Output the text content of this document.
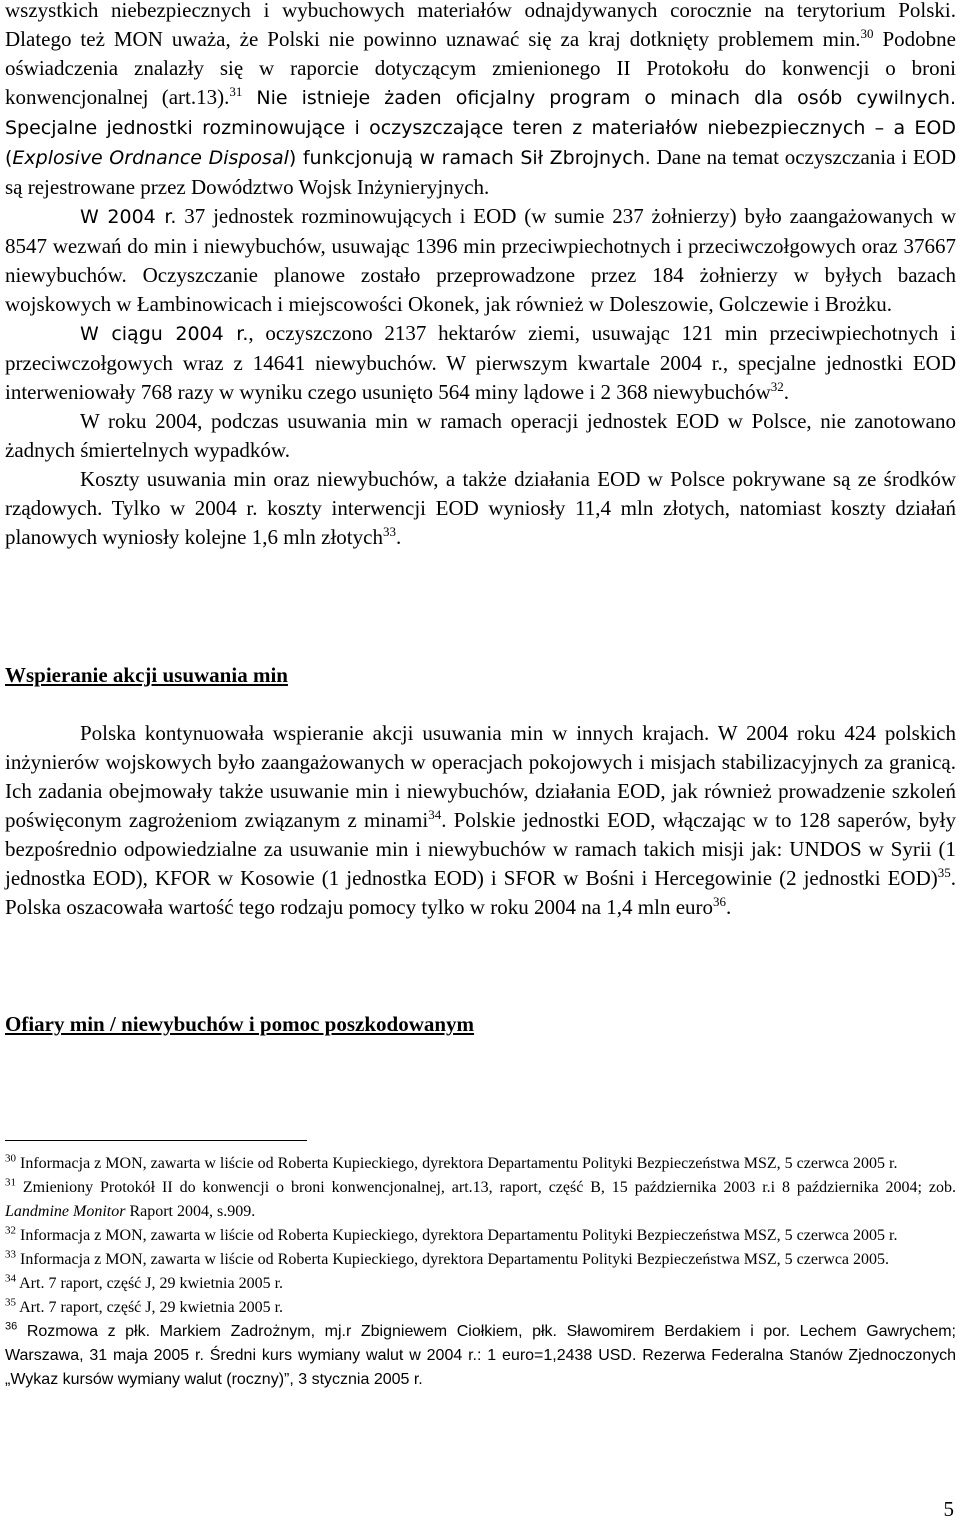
wszystkich niebezpiecznych i wybuchowych materiałów odnajdywanych corocznie na terytorium Polski. Dlatego też MON uważa, że Polski nie powinno uznawać się za kraj dotknięty problemem min.$^{30}$ Podobne oświadczenia znalazły się w raporcie dotyczącym zmienionego II Protokołu do konwencji o broni konwencjonalnej (art.13).$^{31}$ Nie istnieje żaden oficjalny program o minach dla osób cywilnych. Specjalne jednostki rozminowujące i oczyszczające teren z materiałów niebezpiecznych – a EOD (Explosive Ordnance Disposal) funkcjonują w ramach Sił Zbrojnych. Dane na temat oczyszczania i EOD są rejestrowane przez Dowództwo Wojsk Inżynieryjnych.

W 2004 r. 37 jednostek rozminowujących i EOD (w sumie 237 żołnierzy) było zaangażowanych w 8547 wezwań do min i niewybuchów, usuwając 1396 min przeciwpiechotnych i przeciwczołgowych oraz 37667 niewybuchów. Oczyszczanie planowe zostało przeprowadzone przez 184 żołnierzy w byłych bazach wojskowych w Łambinowicach i miejscowości Okonek, jak również w Doleszowie, Golczewie i Brożku.

W ciągu 2004 r., oczyszczono 2137 hektarów ziemi, usuwając 121 min przeciwpiechotnych i przeciwczołgowych wraz z 14641 niewybuchów. W pierwszym kwartale 2004 r., specjalne jednostki EOD interweniowały 768 razy w wyniku czego usunięto 564 miny lądowe i 2 368 niewybuchów$^{32}$.

W roku 2004, podczas usuwania min w ramach operacji jednostek EOD w Polsce, nie zanotowano żadnych śmiertelnych wypadków.

Koszty usuwania min oraz niewybuchów, a także działania EOD w Polsce pokrywane są ze środków rządowych. Tylko w 2004 r. koszty interwencji EOD wyniosły 11,4 mln złotych, natomiast koszty działań planowych wyniosły kolejne 1,6 mln złotych$^{33}$.

Wspieranie akcji usuwania min

Polska kontynuowała wspieranie akcji usuwania min w innych krajach. W 2004 roku 424 polskich inżynierów wojskowych było zaangażowanych w operacjach pokojowych i misjach stabilizacyjnych za granicą. Ich zadania obejmowały także usuwanie min i niewybuchów, działania EOD, jak również prowadzenie szkoleń poświęconym zagrożeniom związanym z minami$^{34}$. Polskie jednostki EOD, włączając w to 128 saperów, były bezpośrednio odpowiedzialne za usuwanie min i niewybuchów w ramach takich misji jak: UNDOS w Syrii (1 jednostka EOD), KFOR w Kosowie (1 jednostka EOD) i SFOR w Bośni i Hercegowinie (2 jednostki EOD)$^{35}$. Polska oszacowała wartość tego rodzaju pomocy tylko w roku 2004 na 1,4 mln euro$^{36}$.

Ofiary min / niewybuchów i pomoc poszkodowanym

$^{30}$ Informacja z MON, zawarta w liście od Roberta Kupieckiego, dyrektora Departamentu Polityki Bezpieczeństwa MSZ, 5 czerwca 2005 r.

$^{31}$ Zmieniony Protokół II do konwencji o broni konwencjonalnej, art.13, raport, część B, 15 października 2003 r.i 8 października 2004; zob. Landmine Monitor Raport 2004, s.909.

$^{32}$ Informacja z MON, zawarta w liście od Roberta Kupieckiego, dyrektora Departamentu Polityki Bezpieczeństwa MSZ, 5 czerwca 2005 r.

$^{33}$ Informacja z MON, zawarta w liście od Roberta Kupieckiego, dyrektora Departamentu Polityki Bezpieczeństwa MSZ, 5 czerwca 2005.

$^{34}$ Art. 7 raport, część J, 29 kwietnia 2005 r.

$^{35}$ Art. 7 raport, część J, 29 kwietnia 2005 r.

$^{36}$ Rozmowa z płk. Markiem Zadrożnym, mj.r Zbigniewem Ciołkiem, płk. Sławomirem Berdakiem i por. Lechem Gawrychem; Warszawa, 31 maja 2005 r. Średni kurs wymiany walut w 2004 r.: 1 euro=1,2438 USD. Rezerwa Federalna Stanów Zjednoczonych „Wykaz kursów wymiany walut (roczny)”, 3 stycznia 2005 r.

5
